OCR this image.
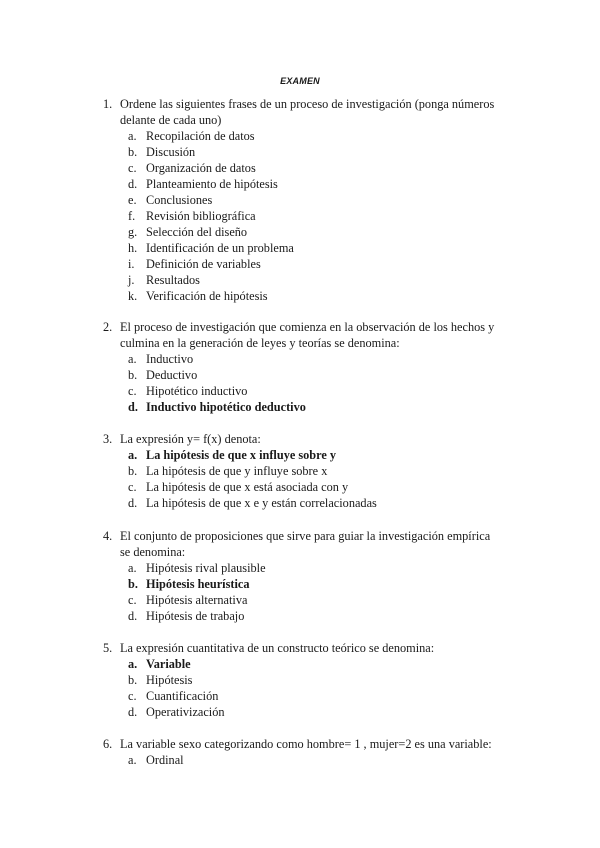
EXAMEN
1. Ordene las siguientes frases de un proceso de investigación (ponga números delante de cada uno)
a. Recopilación de datos
b. Discusión
c. Organización de datos
d. Planteamiento de hipótesis
e. Conclusiones
f. Revisión bibliográfica
g. Selección del diseño
h. Identificación de un problema
i. Definición de variables
j. Resultados
k. Verificación de hipótesis
2. El proceso de investigación que comienza en la observación de los hechos y culmina en la generación de leyes y teorías se denomina:
a. Inductivo
b. Deductivo
c. Hipotético inductivo
d. Inductivo hipotético deductivo
3. La expresión y= f(x) denota:
a. La hipótesis de que x influye sobre y
b. La hipótesis de que y influye sobre x
c. La hipótesis de que x está asociada con y
d. La hipótesis de que x e y están correlacionadas
4. El conjunto de proposiciones que sirve para guiar la investigación empírica se denomina:
a. Hipótesis rival plausible
b. Hipótesis heurística
c. Hipótesis alternativa
d. Hipótesis de trabajo
5. La expresión cuantitativa de un constructo teórico se denomina:
a. Variable
b. Hipótesis
c. Cuantificación
d. Operativización
6. La variable sexo categorizando como hombre= 1 , mujer=2 es una variable:
a. Ordinal
